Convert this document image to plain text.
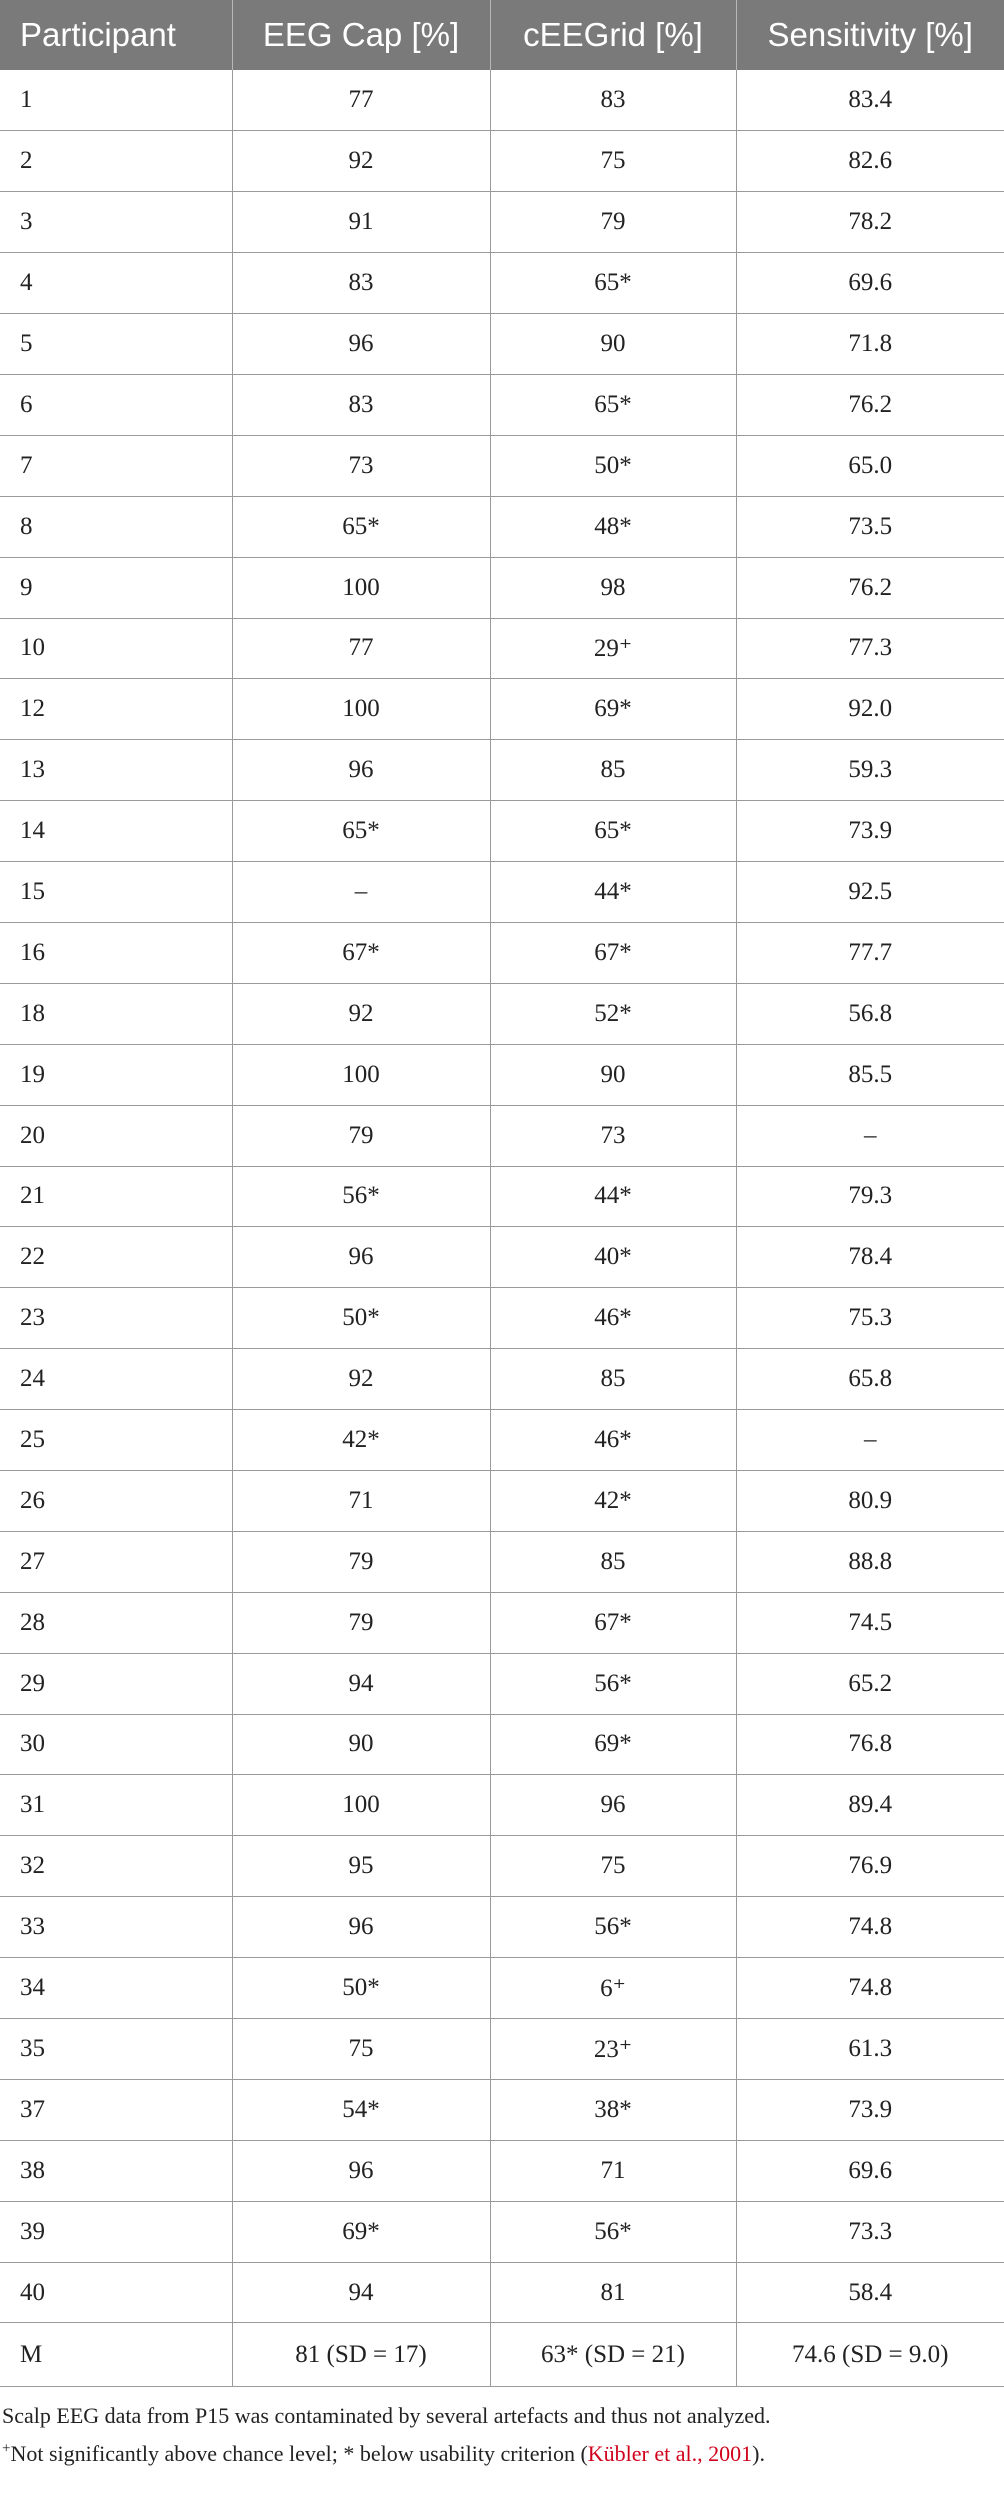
Participant	EEG Cap [%]	cEEGrid [%]	Sensitivity [%]
1	77	83	83.4
2	92	75	82.6
3	91	79	78.2
4	83	65*	69.6
5	96	90	71.8
6	83	65*	76.2
7	73	50*	65.0
8	65*	48*	73.5
9	100	98	76.2
10	77	29⁺	77.3
12	100	69*	92.0
13	96	85	59.3
14	65*	65*	73.9
15	–	44*	92.5
16	67*	67*	77.7
18	92	52*	56.8
19	100	90	85.5
20	79	73	–
21	56*	44*	79.3
22	96	40*	78.4
23	50*	46*	75.3
24	92	85	65.8
25	42*	46*	–
26	71	42*	80.9
27	79	85	88.8
28	79	67*	74.5
29	94	56*	65.2
30	90	69*	76.8
31	100	96	89.4
32	95	75	76.9
33	96	56*	74.8
34	50*	6⁺	74.8
35	75	23⁺	61.3
37	54*	38*	73.9
38	96	71	69.6
39	69*	56*	73.3
40	94	81	58.4
M	81 (SD = 17)	63* (SD = 21)	74.6 (SD = 9.0)
Scalp EEG data from P15 was contaminated by several artefacts and thus not analyzed.
+Not significantly above chance level; * below usability criterion (Kübler et al., 2001).
